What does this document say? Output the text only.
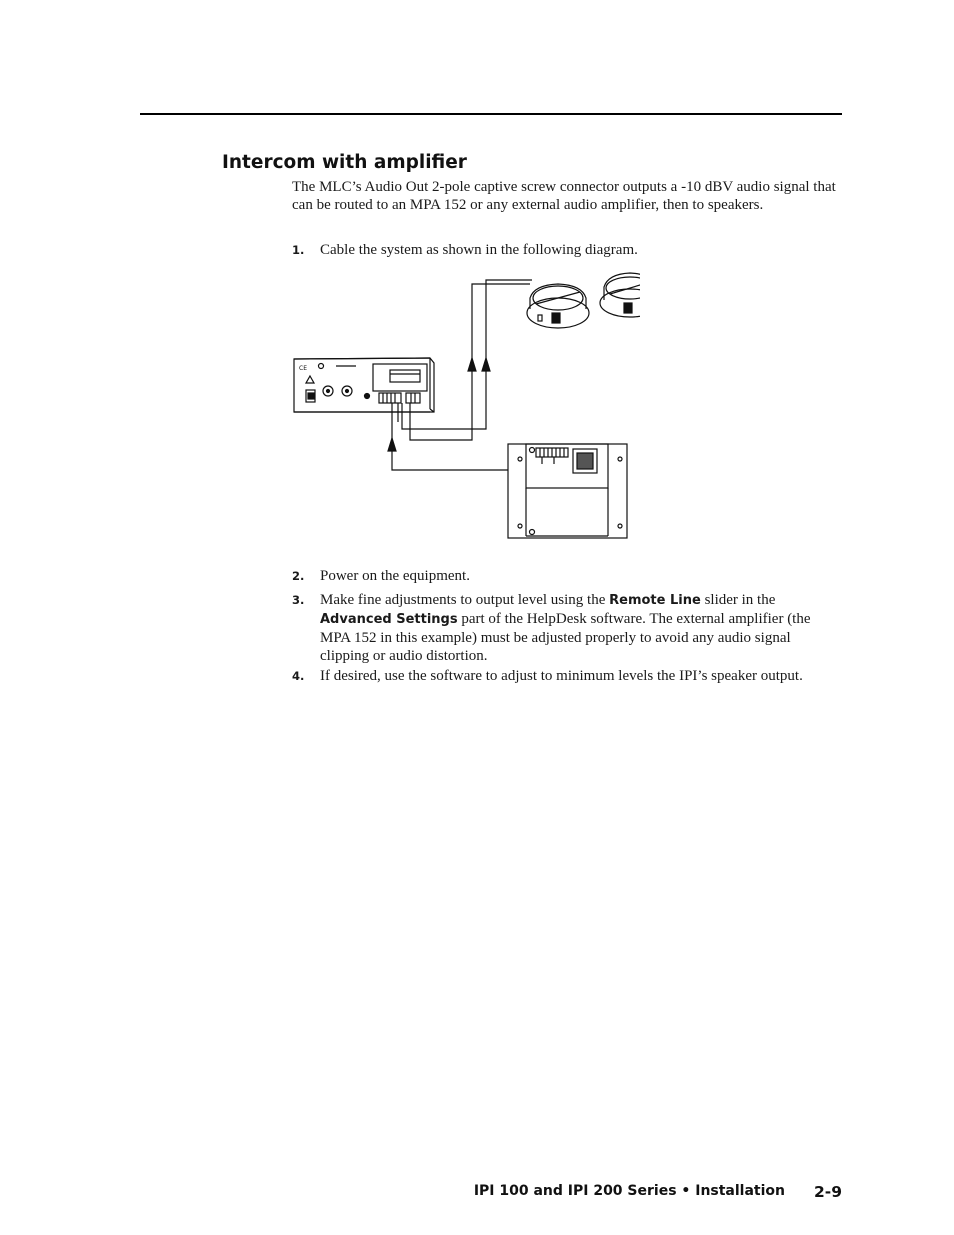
Intercom with amplifier

The MLC’s Audio Out 2-pole captive screw connector outputs a -10 dBV audio signal that can be routed to an MPA 152 or any external audio amplifier, then to speakers.

1.	Cable the system as shown in the following diagram.
CE
2.	Power on the equipment.
3.	Make fine adjustments to output level using the Remote Line slider in the Advanced Settings part of the HelpDesk software. The external amplifier (the MPA 152 in this example) must be adjusted properly to avoid any audio signal clipping or audio distortion.
4.	If desired, use the software to adjust to minimum levels the IPI’s speaker output.
IPI 100 and IPI 200 Series • Installation 2-9
